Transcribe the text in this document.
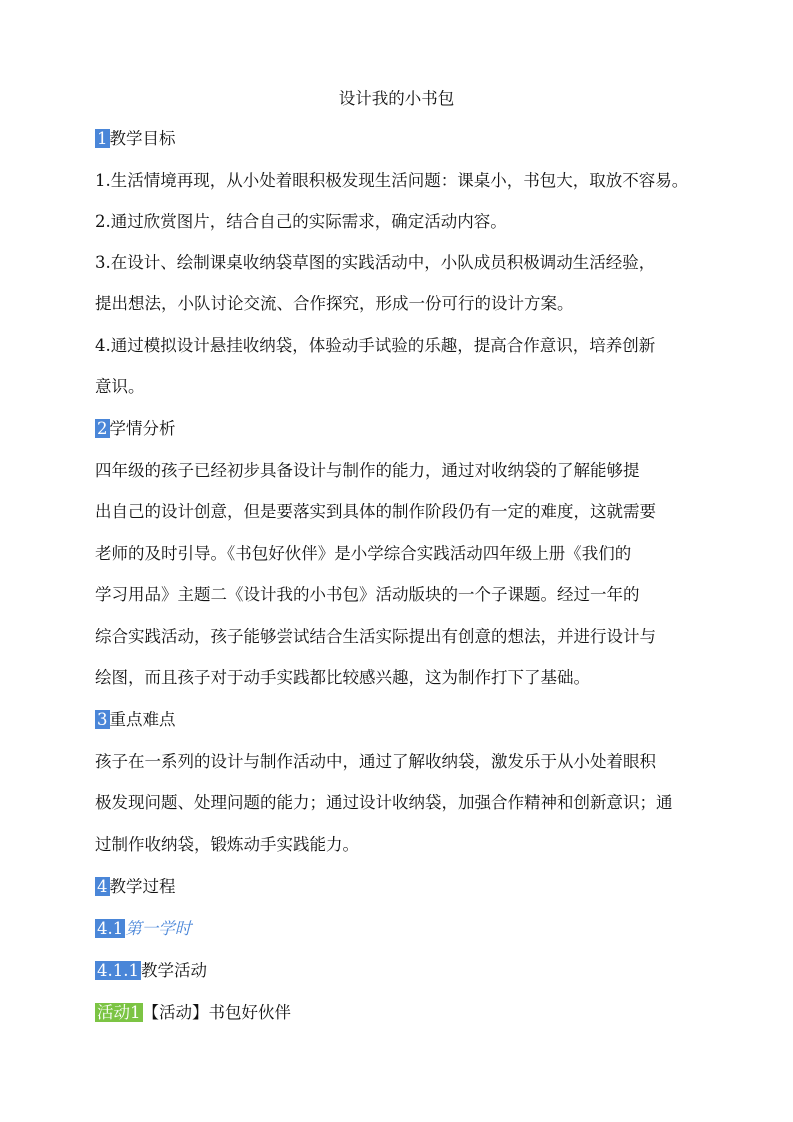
设计我的小书包
1 教学目标
1.生活情境再现，从小处着眼积极发现生活问题：课桌小，书包大，取放不容易。
2.通过欣赏图片，结合自己的实际需求，确定活动内容。
3.在设计、绘制课桌收纳袋草图的实践活动中，小队成员积极调动生活经验，
提出想法，小队讨论交流、合作探究，形成一份可行的设计方案。
4.通过模拟设计悬挂收纳袋，体验动手试验的乐趣，提高合作意识，培养创新
意识。
2 学情分析
四年级的孩子已经初步具备设计与制作的能力，通过对收纳袋的了解能够提
出自己的设计创意，但是要落实到具体的制作阶段仍有一定的难度，这就需要
老师的及时引导。《书包好伙伴》是小学综合实践活动四年级上册《我们的
学习用品》主题二《设计我的小书包》活动版块的一个子课题。经过一年的
综合实践活动，孩子能够尝试结合生活实际提出有创意的想法，并进行设计与
绘图，而且孩子对于动手实践都比较感兴趣，这为制作打下了基础。
3 重点难点
孩子在一系列的设计与制作活动中，通过了解收纳袋，激发乐于从小处着眼积
极发现问题、处理问题的能力；通过设计收纳袋，加强合作精神和创新意识；通
过制作收纳袋，锻炼动手实践能力。
4 教学过程
4.1 第一学时
4.1.1 教学活动
活动1 【活动】书包好伙伴
